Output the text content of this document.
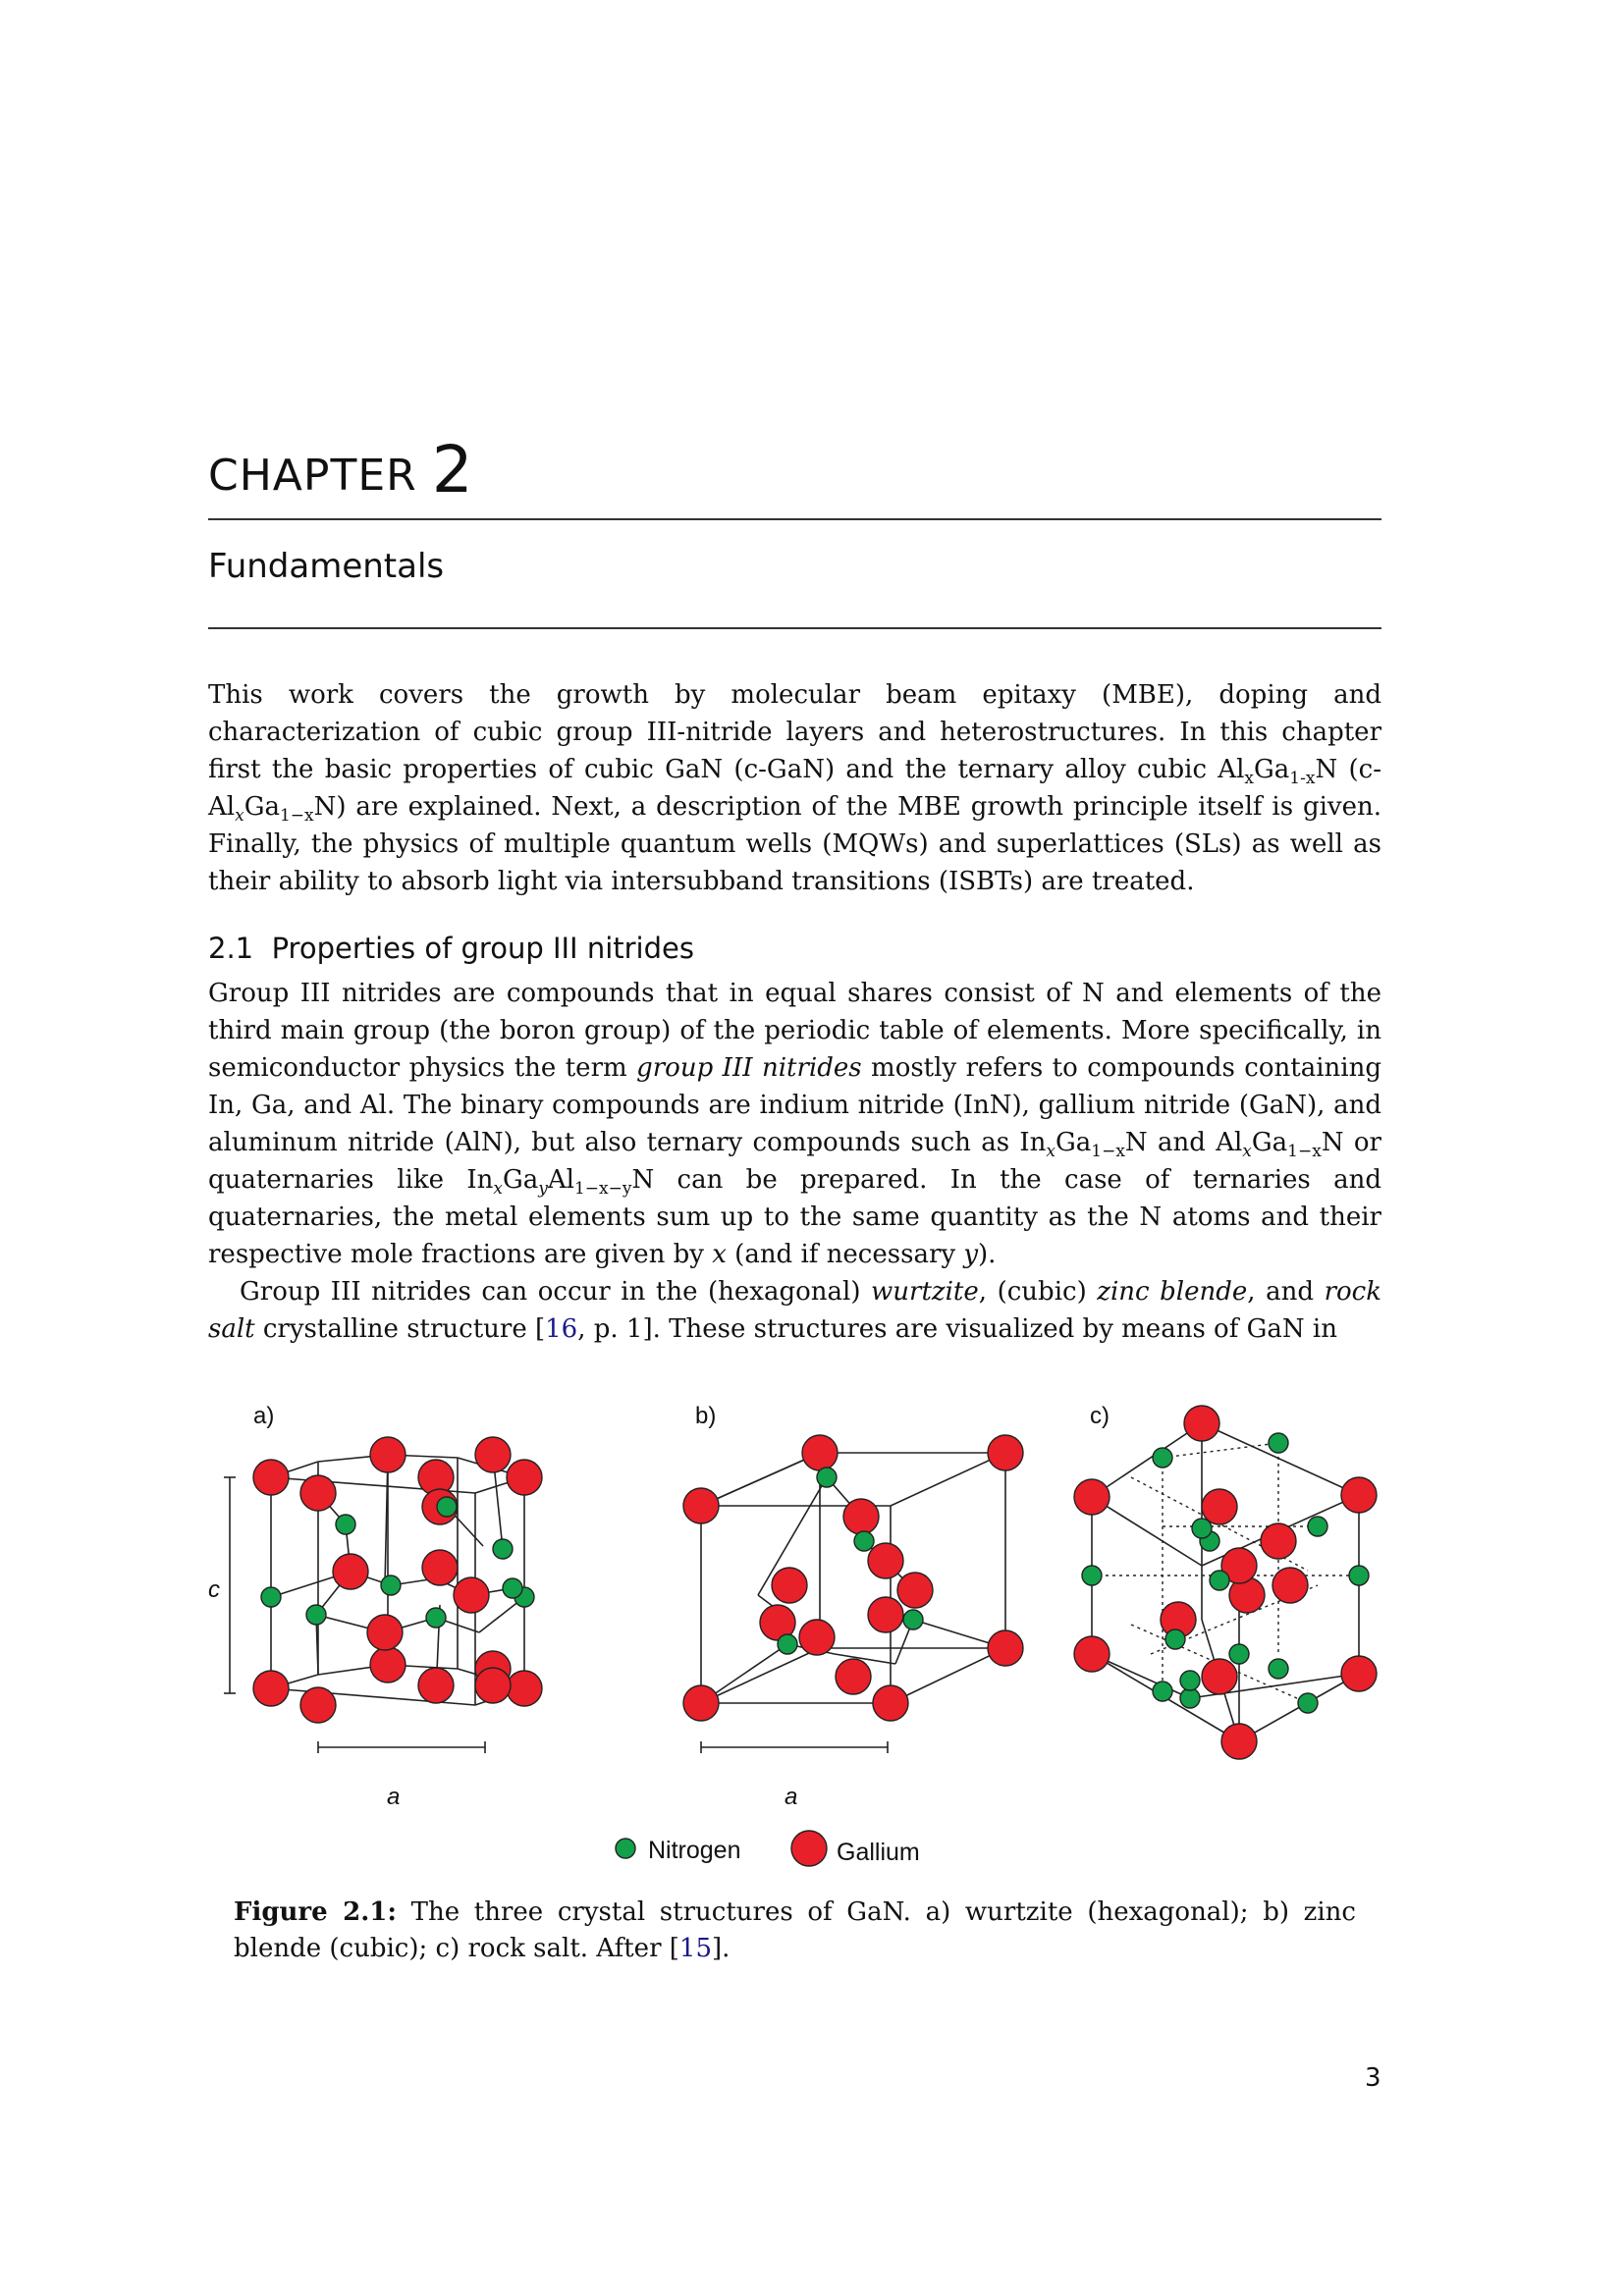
CHAPTER 2
Fundamentals

This work covers the growth by molecular beam epitaxy (MBE), doping and characterization of cubic group III-nitride layers and heterostructures. In this chapter first the basic properties of cubic GaN (c-GaN) and the ternary alloy cubic $Al_xGa_{1-x}N$ $(c-Al_xGa_{1-x}N)$ are explained. Next, a description of the MBE growth principle itself is given. Finally, the physics of multiple quantum wells (MQWs) and superlattices (SLs) as well as their ability to absorb light via intersubband transitions (ISBTs) are treated.

2.1 Properties of group III nitrides

Group III nitrides are compounds that in equal shares consist of N and elements of the third main group (the boron group) of the periodic table of elements. More specifically, in semiconductor physics the term group III nitrides mostly refers to compounds containing In, Ga, and Al. The binary compounds are indium nitride (InN), gallium nitride (GaN), and aluminum nitride (AlN), but also ternary compounds such as $In_xGa_{1-x}N$ and $Al_xGa_{1-x}N$ or quaternaries like $In_xGa_yAl_{1-x-y}N$ can be prepared. In the case of ternaries and quaternaries, the metal elements sum up to the same quantity as the N atoms and their respective mole fractions are given by x (and if necessary y).

Group III nitrides can occur in the (hexagonal) wurtzite, (cubic) zinc blende, and rock salt crystalline structure [16, p. 1]. These structures are visualized by means of GaN in

a)	b)	c)
c
a	a
Nitrogen	Gallium
Figure 2.1: The three crystal structures of GaN. a) wurtzite (hexagonal); b) zinc blende (cubic); c) rock salt. After [15].
3
